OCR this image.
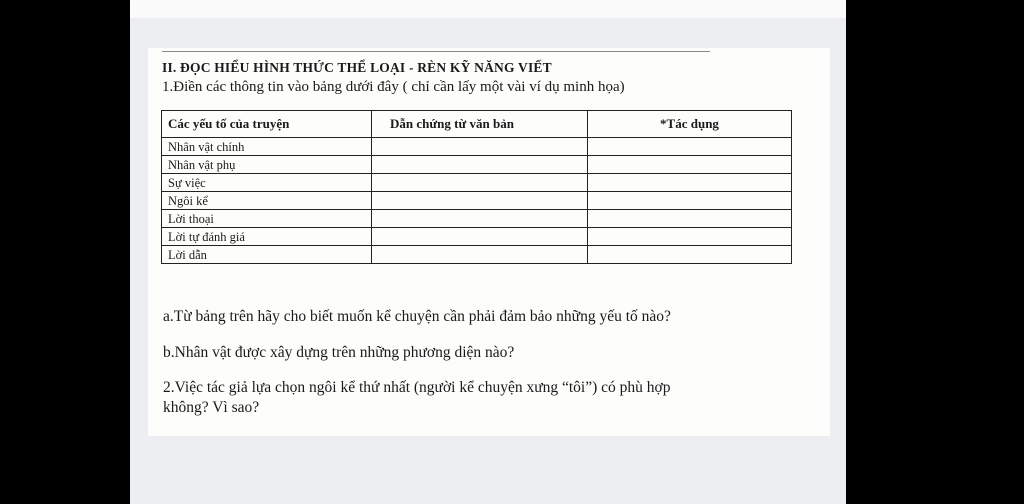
II. ĐỌC HIỂU HÌNH THỨC THỂ LOẠI - RÈN KỸ NĂNG VIẾT
1.Điền các thông tin vào bảng dưới đây ( chỉ cần lấy một vài ví dụ minh họa)
Các yếu tố của truyện	Dẫn chứng từ văn bản	*Tác dụng
Nhân vật chính		
Nhân vật phụ		
Sự việc		
Ngôi kể		
Lời thoại		
Lời tự đánh giá		
Lời dẫn		
a.Từ bảng trên hãy cho biết muốn kể chuyện cần phải đảm bảo những yếu tố nào?
b.Nhân vật được xây dựng trên những phương diện nào?
2.Việc tác giả lựa chọn ngôi kể thứ nhất (người kể chuyện xưng “tôi”) có phù hợp
không? Vì sao?
